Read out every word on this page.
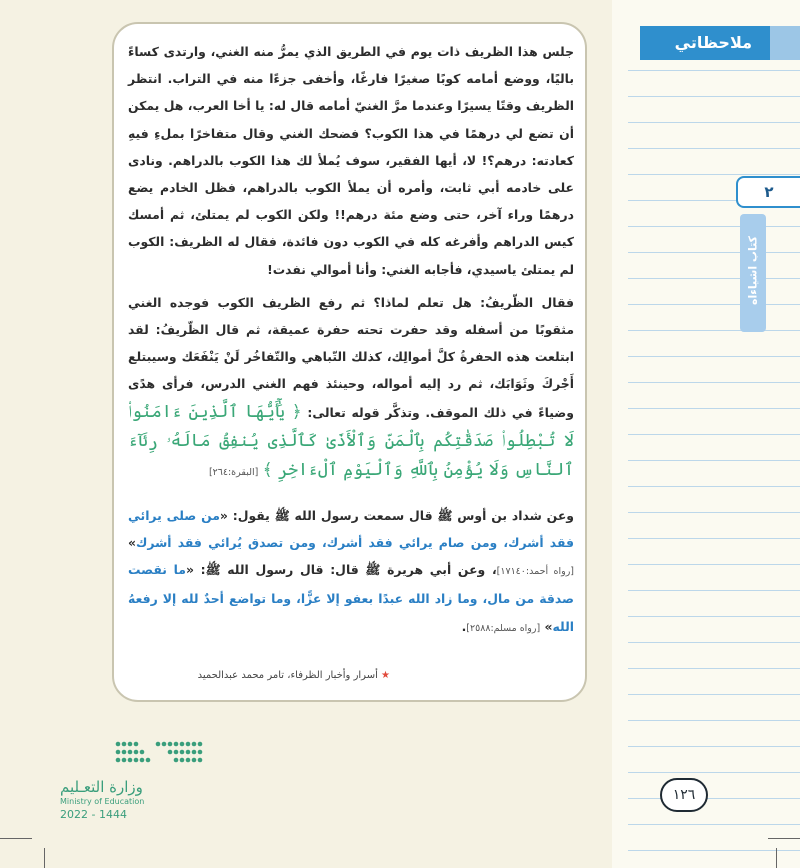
جلس هذا الظريف ذات يوم في الطريق الذي يمرُّ منه الغني، وارتدى كساءً باليًا، ووضع أمامه كوبًا صغيرًا فارغًا، وأخفى جزءًا منه في التراب. انتظر الظريف وقتًا يسيرًا وعندما مرَّ الغنيّ أمامه قال له: يا أخا العرب، هل يمكن أن تضع لي درهمًا في هذا الكوب؟ فضحك الغني وقال متفاخرًا بملءِ فيهِ كعادته: درهم؟! لا، أيها الفقير، سوف يُملأ لك هذا الكوب بالدراهم. ونادى على خادمه أبي ثابت، وأمره أن يملأ الكوب بالدراهم، فظل الخادم يضع درهمًا وراء آخر، حتى وضع مئة درهم!! ولكن الكوب لم يمتلئ، ثم أمسك كيس الدراهم وأفرغه كله في الكوب دون فائدة، فقال له الظريف: الكوب لم يمتلئ ياسيدي، فأجابه الغني: وأنا أموالي نفدت!

فقال الظّريفُ: هل تعلم لماذا؟ ثم رفع الظريف الكوب فوجده الغني مثقوبًا من أسفله وقد حفرت تحته حفرة عميقة، ثم قال الظّريفُ: لقد ابتلعت هذه الحفرةُ كلَّ أموالِك، كذلك التّباهي والتّفاخُر لَنْ يَنْفَعَك وسيبتلع أَجْركَ وثَوَابَك، ثم رد إليه أمواله، وحينئذ فهم الغني الدرس، فرأى هدًى وضياءً في ذلك الموقف. وتذكَّر قوله تعالى: ﴿ يَٰٓأَيُّهَا ٱلَّذِينَ ءَامَنُوا۟ لَا تُبْطِلُوا۟ صَدَقَٰتِكُم بِٱلْمَنِّ وَٱلْأَذَىٰ كَٱلَّذِى يُنفِقُ مَالَهُۥ رِئَآءَ ٱلنَّاسِ وَلَا يُؤْمِنُ بِٱللَّهِ وَٱلْيَوْمِ ٱلْءَاخِرِ ﴾ [البقرة:٢٦٤]

وعن شداد بن أوس ﷺ قال سمعت رسول الله ﷺ يقول: «من صلى يرائي فقد أشرك، ومن صام يرائي فقد أشرك، ومن تصدق يُرائي فقد أشرك» [رواه أحمد:١٧١٤٠]، وعن أبي هريرة ﷺ قال: قال رسول الله ﷺ: «ما نقصت صدقة من مال، وما زاد الله عبدًا بعفو إلا عزًّا، وما تواضع أحدٌ لله إلا رفعهُ الله» [رواه مسلم:٢٥٨٨].

★ أسرار وأخبار الظرفاء، تامر محمد عبدالحميد
ملاحظاتي
٢
كتاب اشياءاه
١٢٦
وزارة التعـليم
Ministry of Education
2022 - 1444
